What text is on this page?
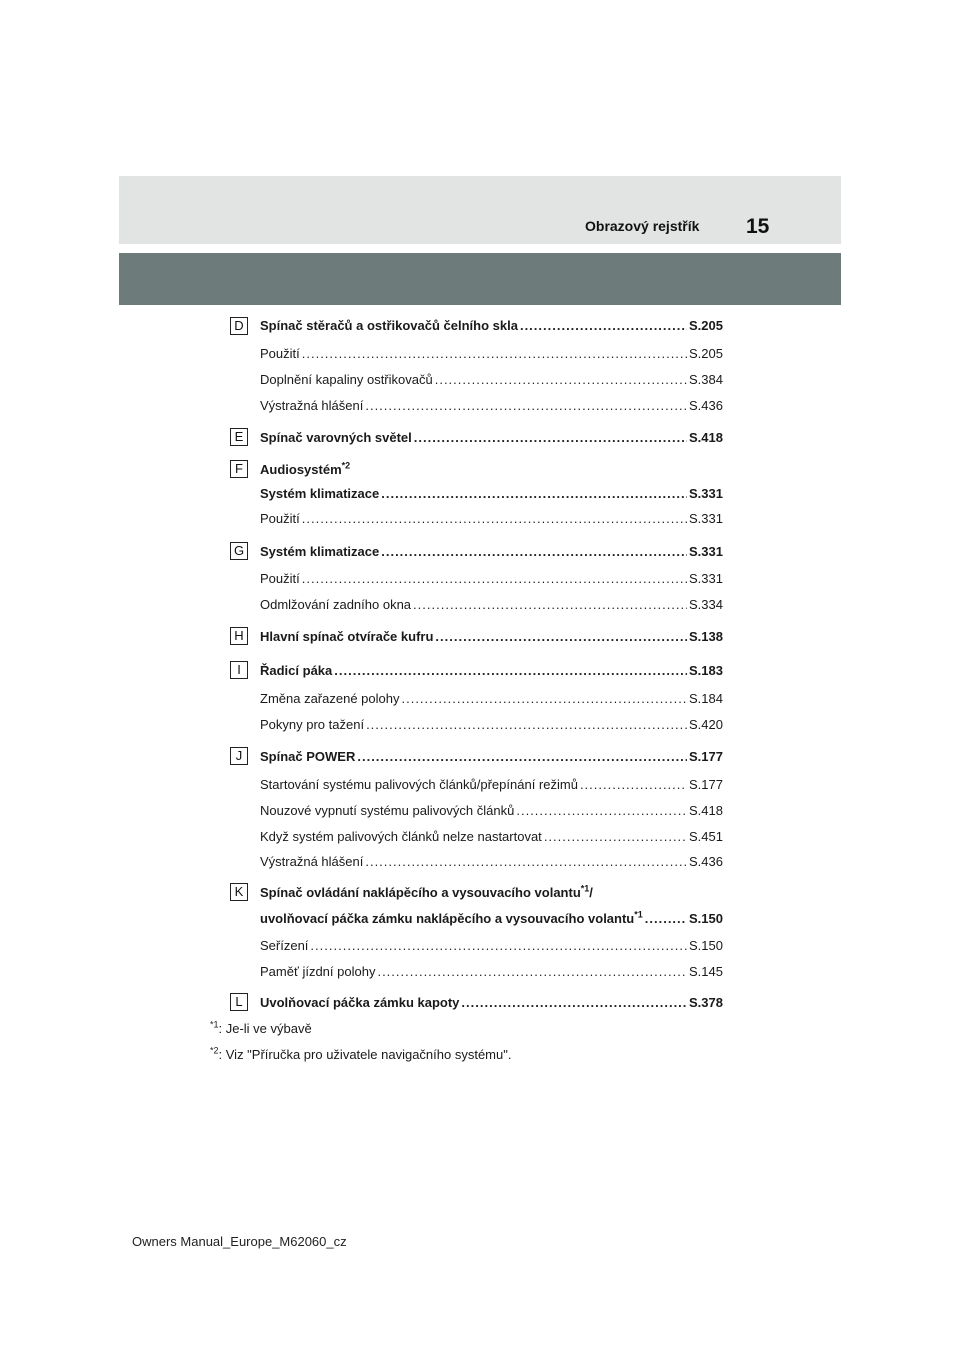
Obrazový rejstřík 15
D	Spínač stěračů a ostřikovačů čelního skla .....	S.205
Použití .....	S.205
Doplnění kapaliny ostřikovačů .....	S.384
Výstražná hlášení .....	S.436
E	Spínač varovných světel .....	S.418
F	Audiosystém$^{*2}$
Systém klimatizace .....	S.331
Použití .....	S.331
G	Systém klimatizace .....	S.331
Použití .....	S.331
Odmlžování zadního okna .....	S.334
H	Hlavní spínač otvírače kufru .....	S.138
I	Řadicí páka .....	S.183
Změna zařazené polohy .....	S.184
Pokyny pro tažení .....	S.420
J	Spínač POWER .....	S.177
Startování systému palivových článků/přepínání režimů .....	S.177
Nouzové vypnutí systému palivových článků .....	S.418
Když systém palivových článků nelze nastartovat .....	S.451
Výstražná hlášení .....	S.436
K	Spínač ovládání naklápěcího a vysouvacího volantu$^{*1}$/
uvolňovací páčka zámku naklápěcího a vysouvacího volantu$^{*1}$ .....	S.150
Seřízení .....	S.150
Paměť jízdní polohy .....	S.145
L	Uvolňovací páčka zámku kapoty .....	S.378
$^{*1}$: Je-li ve výbavě
$^{*2}$: Viz "Příručka pro uživatele navigačního systému".
Owners Manual_Europe_M62060_cz
